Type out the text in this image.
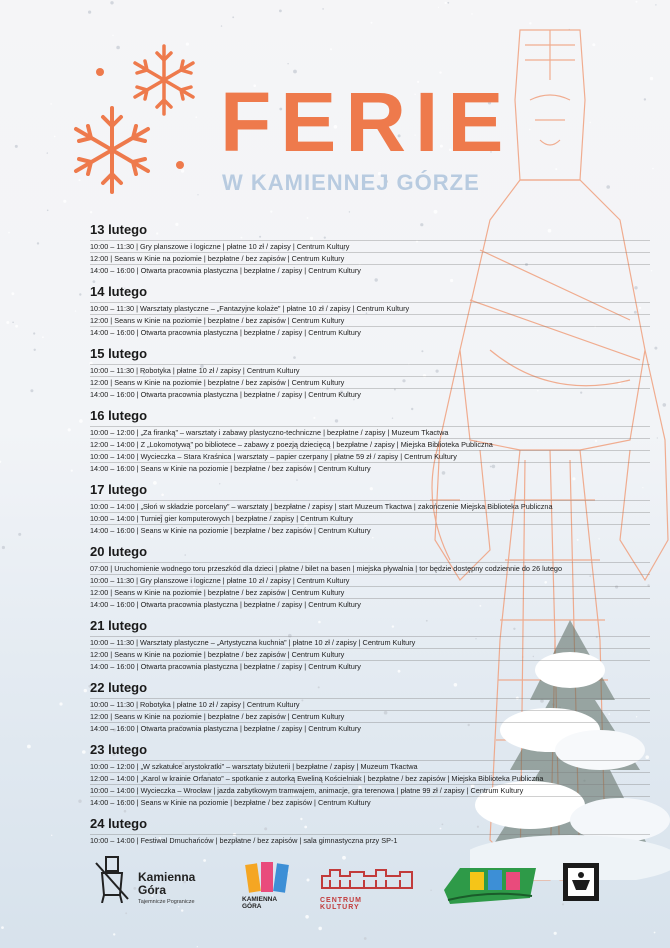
FERIE
W KAMIENNEJ GÓRZE
13 lutego
10:00 – 11:30 | Gry planszowe i logiczne | płatne 10 zł / zapisy | Centrum Kultury
12:00 | Seans w Kinie na poziomie | bezpłatne / bez zapisów | Centrum Kultury
14:00 – 16:00 | Otwarta pracownia plastyczna | bezpłatne / zapisy | Centrum Kultury
14 lutego
10:00 – 11:30 | Warsztaty plastyczne – „Fantazyjne kolaże” | płatne 10 zł / zapisy | Centrum Kultury
12:00 | Seans w Kinie na poziomie | bezpłatne / bez zapisów | Centrum Kultury
14:00 – 16:00 | Otwarta pracownia plastyczna | bezpłatne / zapisy | Centrum Kultury
15 lutego
10:00 – 11:30 | Robotyka | płatne 10 zł / zapisy | Centrum Kultury
12:00 | Seans w Kinie na poziomie | bezpłatne / bez zapisów | Centrum Kultury
14:00 – 16:00 | Otwarta pracownia plastyczna | bezpłatne / zapisy | Centrum Kultury
16 lutego
10:00 – 12:00 | „Za firanką” – warsztaty i zabawy plastyczno-techniczne | bezpłatne / zapisy | Muzeum Tkactwa
12:00 – 14:00 | Z „Lokomotywą” po bibliotece – zabawy z poezją dziecięcą | bezpłatne / zapisy | Miejska Biblioteka Publiczna
10:00 – 14:00 | Wycieczka – Stara Kraśnica | warsztaty – papier czerpany | płatne 59 zł / zapisy | Centrum Kultury
14:00 – 16:00 | Seans w Kinie na poziomie | bezpłatne / bez zapisów | Centrum Kultury
17 lutego
10:00 – 14:00 | „Słoń w składzie porcelany” – warsztaty | bezpłatne / zapisy | start Muzeum Tkactwa | zakończenie Miejska Biblioteka Publiczna
10:00 – 14:00 | Turniej gier komputerowych | bezpłatne / zapisy | Centrum Kultury
14:00 – 16:00 | Seans w Kinie na poziomie | bezpłatne / bez zapisów | Centrum Kultury
20 lutego
07:00 | Uruchomienie wodnego toru przeszkód dla dzieci | płatne / bilet na basen | miejska pływalnia | tor będzie dostępny codziennie do 26 lutego
10:00 – 11:30 | Gry planszowe i logiczne | płatne 10 zł / zapisy | Centrum Kultury
12:00 | Seans w Kinie na poziomie | bezpłatne / bez zapisów | Centrum Kultury
14:00 – 16:00 | Otwarta pracownia plastyczna | bezpłatne / zapisy | Centrum Kultury
21 lutego
10:00 – 11:30 | Warsztaty plastyczne – „Artystyczna kuchnia” | płatne 10 zł / zapisy | Centrum Kultury
12:00 | Seans w Kinie na poziomie | bezpłatne / bez zapisów | Centrum Kultury
14:00 – 16:00 | Otwarta pracownia plastyczna | bezpłatne / zapisy | Centrum Kultury
22 lutego
10:00 – 11:30 | Robotyka | płatne 10 zł / zapisy | Centrum Kultury
12:00 | Seans w Kinie na poziomie | bezpłatne / bez zapisów | Centrum Kultury
14:00 – 16:00 | Otwarta pracownia plastyczna | bezpłatne / zapisy | Centrum Kultury
23 lutego
10:00 – 12:00 | „W szkatułce arystokratki” – warsztaty biżuterii | bezpłatne / zapisy | Muzeum Tkactwa
12:00 – 14:00 | „Karol w krainie Orfanato” – spotkanie z autorką Eweliną Kościelniak | bezpłatne / bez zapisów | Miejska Biblioteka Publiczna
10:00 – 14:00 | Wycieczka – Wrocław | jazda zabytkowym tramwajem, animacje, gra terenowa | płatne 99 zł / zapisy | Centrum Kultury
14:00 – 16:00 | Seans w Kinie na poziomie | bezpłatne / bez zapisów | Centrum Kultury
24 lutego
10:00 – 14:00 | Festiwal Dmuchańców | bezpłatne / bez zapisów | sala gimnastyczna przy SP-1
Kamienna
Góra
Tajemnicze Pogranicze	KAMIENNA GÓRA
CENTRUM  KULTURY
